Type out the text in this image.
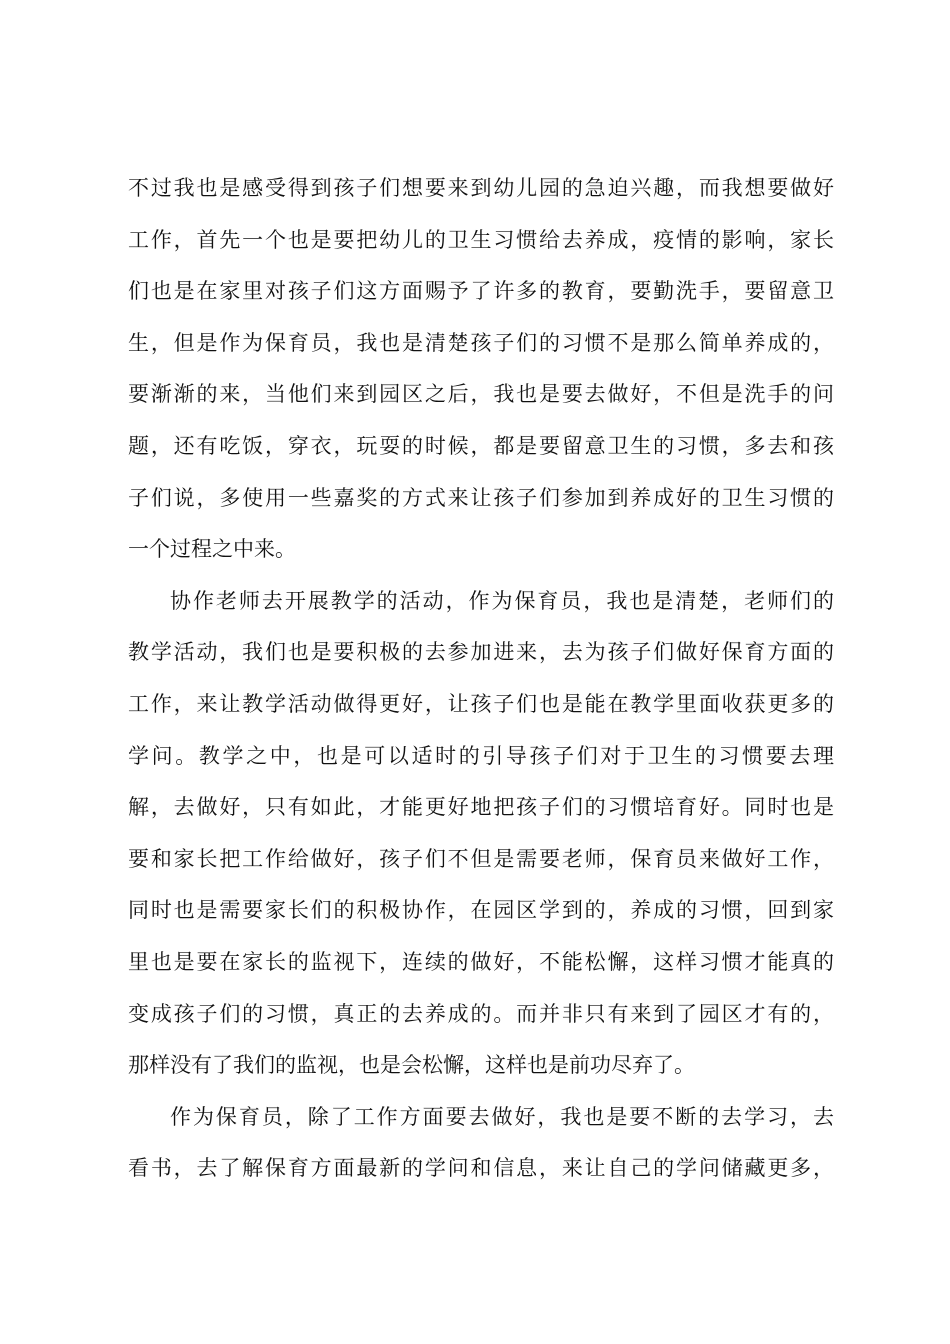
不过我也是感受得到孩子们想要来到幼儿园的急迫兴趣，而我想要做好
工作，首先一个也是要把幼儿的卫生习惯给去养成，疫情的影响，家长
们也是在家里对孩子们这方面赐予了许多的教育，要勤洗手，要留意卫
生，但是作为保育员，我也是清楚孩子们的习惯不是那么简单养成的，
要渐渐的来，当他们来到园区之后，我也是要去做好，不但是洗手的问
题，还有吃饭，穿衣，玩耍的时候，都是要留意卫生的习惯，多去和孩
子们说，多使用一些嘉奖的方式来让孩子们参加到养成好的卫生习惯的
一个过程之中来。
协作老师去开展教学的活动，作为保育员，我也是清楚，老师们的
教学活动，我们也是要积极的去参加进来，去为孩子们做好保育方面的
工作，来让教学活动做得更好，让孩子们也是能在教学里面收获更多的
学问。教学之中，也是可以适时的引导孩子们对于卫生的习惯要去理
解，去做好，只有如此，才能更好地把孩子们的习惯培育好。同时也是
要和家长把工作给做好，孩子们不但是需要老师，保育员来做好工作，
同时也是需要家长们的积极协作，在园区学到的，养成的习惯，回到家
里也是要在家长的监视下，连续的做好，不能松懈，这样习惯才能真的
变成孩子们的习惯，真正的去养成的。而并非只有来到了园区才有的，
那样没有了我们的监视，也是会松懈，这样也是前功尽弃了。
作为保育员，除了工作方面要去做好，我也是要不断的去学习，去
看书，去了解保育方面最新的学问和信息，来让自己的学问储藏更多，
